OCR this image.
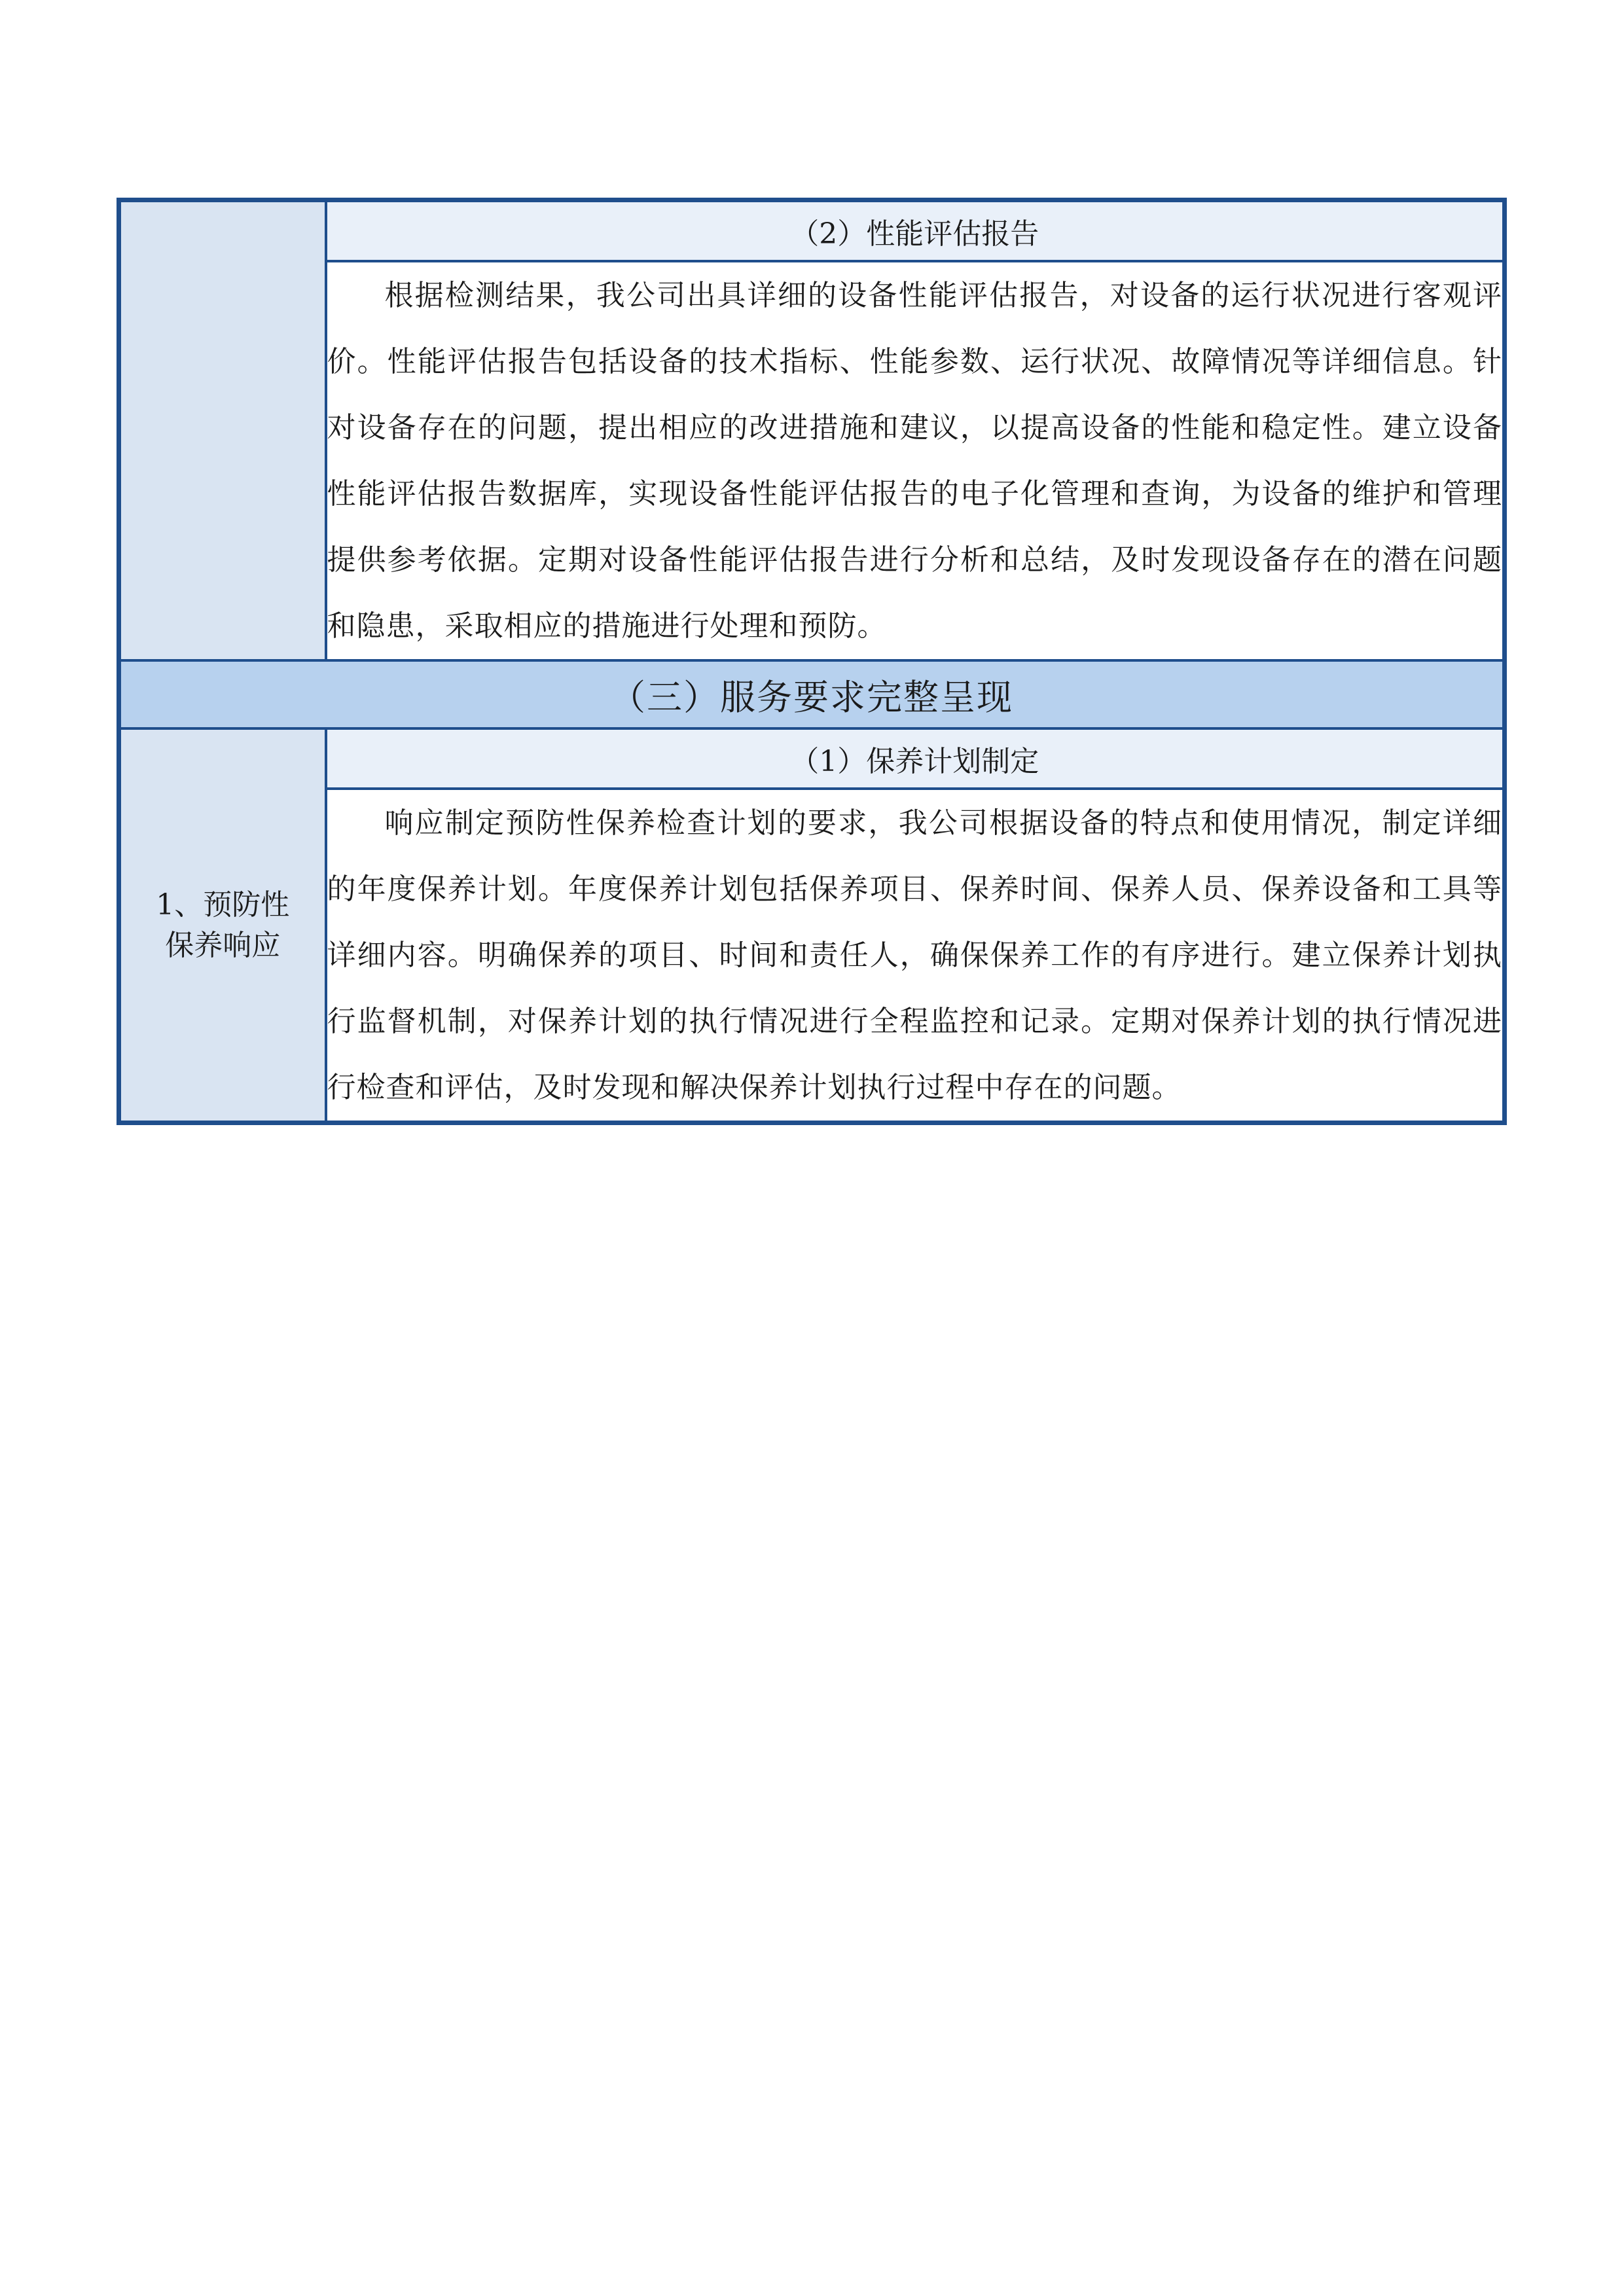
	（2）性能评估报告
	根据检测结果，我公司出具详细的设备性能评估报告，对设备的运行状况进行客观评价。性能评估报告包括设备的技术指标、性能参数、运行状况、故障情况等详细信息。针对设备存在的问题，提出相应的改进措施和建议，以提高设备的性能和稳定性。建立设备性能评估报告数据库，实现设备性能评估报告的电子化管理和查询，为设备的维护和管理提供参考依据。定期对设备性能评估报告进行分析和总结，及时发现设备存在的潜在问题和隐患，采取相应的措施进行处理和预防。
（三）服务要求完整呈现	
1、预防性保养响应	（1）保养计划制定
	响应制定预防性保养检查计划的要求，我公司根据设备的特点和使用情况，制定详细的年度保养计划。年度保养计划包括保养项目、保养时间、保养人员、保养设备和工具等详细内容。明确保养的项目、时间和责任人，确保保养工作的有序进行。建立保养计划执行监督机制，对保养计划的执行情况进行全程监控和记录。定期对保养计划的执行情况进行检查和评估，及时发现和解决保养计划执行过程中存在的问题。
